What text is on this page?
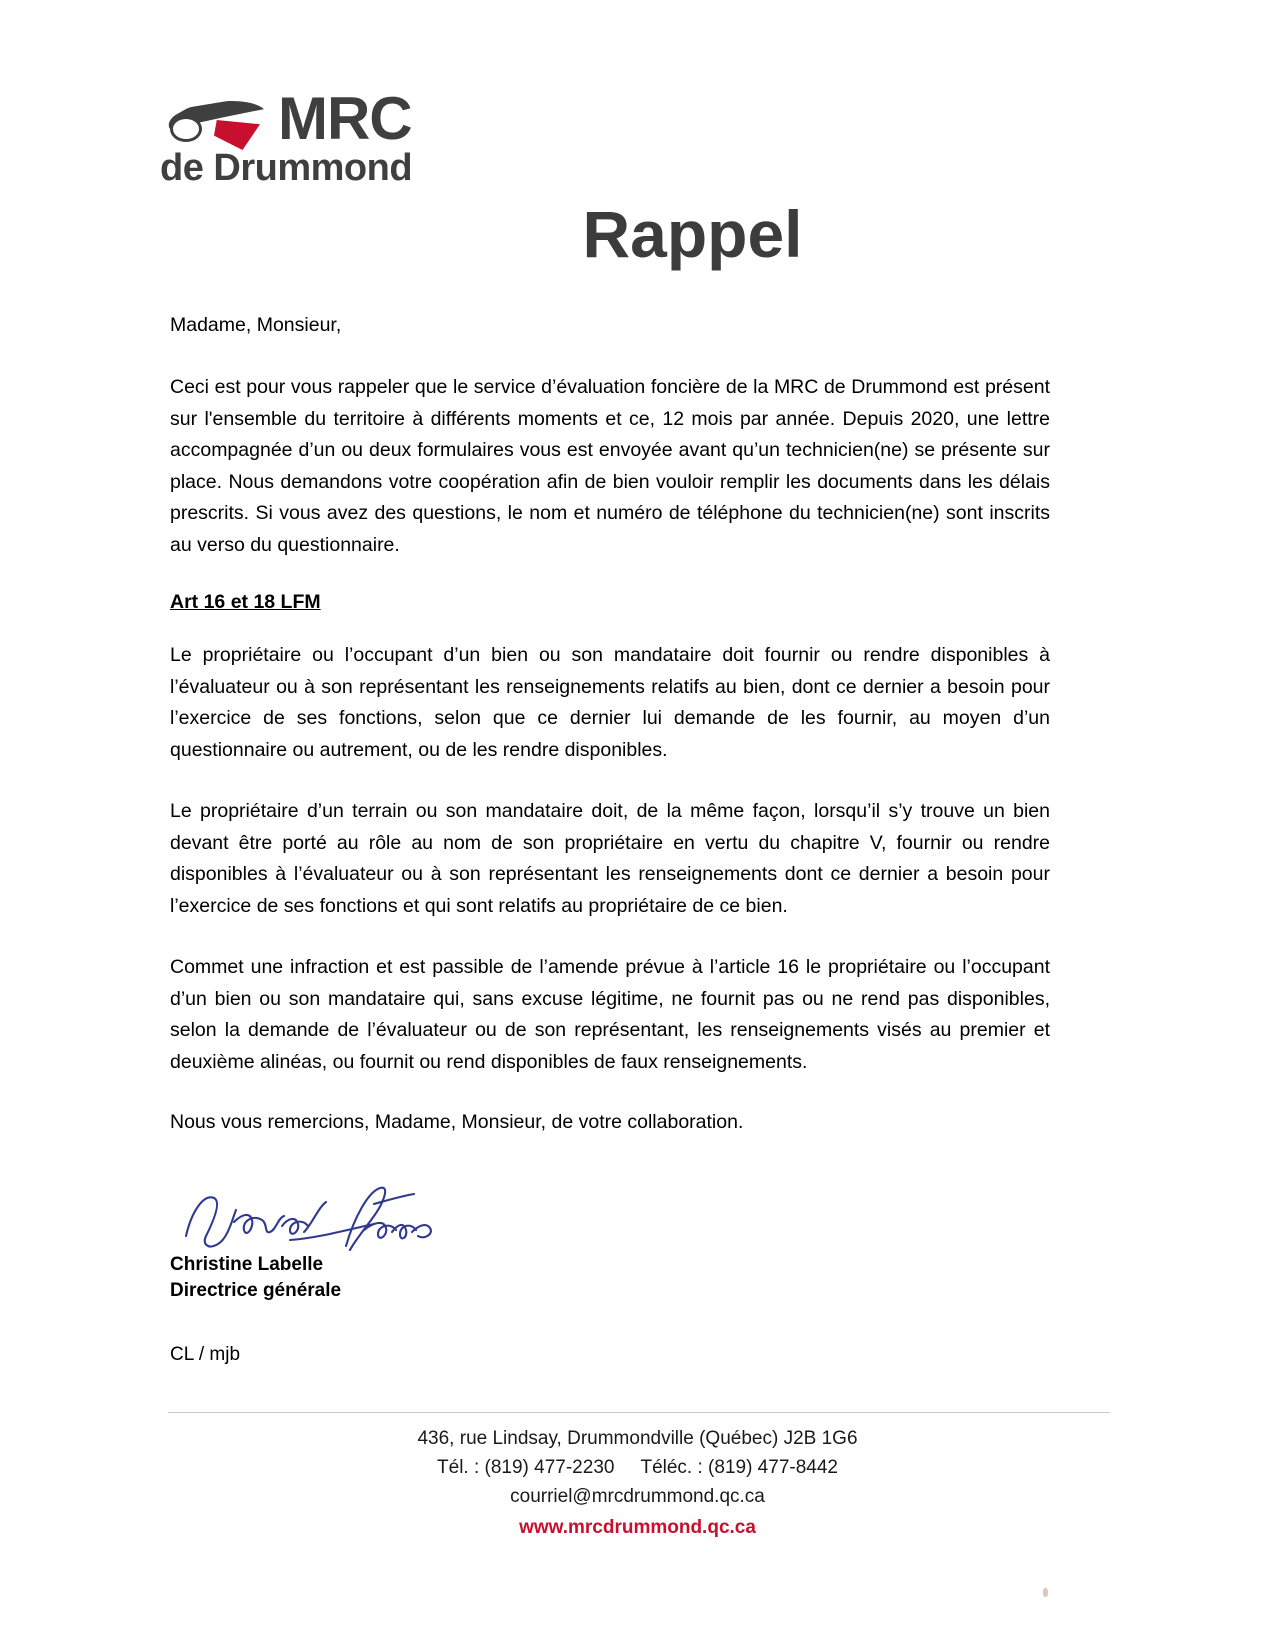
MRC
de Drummond
Rappel
Madame, Monsieur,

Ceci est pour vous rappeler que le service d’évaluation foncière de la MRC de Drummond est présent sur l'ensemble du territoire à différents moments et ce, 12 mois par année. Depuis 2020, une lettre accompagnée d’un ou deux formulaires vous est envoyée avant qu’un technicien(ne) se présente sur place. Nous demandons votre coopération afin de bien vouloir remplir les documents dans les délais prescrits. Si vous avez des questions, le nom et numéro de téléphone du technicien(ne) sont inscrits au verso du questionnaire.

Art 16 et 18 LFM

Le propriétaire ou l’occupant d’un bien ou son mandataire doit fournir ou rendre disponibles à l’évaluateur ou à son représentant les renseignements relatifs au bien, dont ce dernier a besoin pour l’exercice de ses fonctions, selon que ce dernier lui demande de les fournir, au moyen d’un questionnaire ou autrement, ou de les rendre disponibles.

Le propriétaire d’un terrain ou son mandataire doit, de la même façon, lorsqu’il s’y trouve un bien devant être porté au rôle au nom de son propriétaire en vertu du chapitre V, fournir ou rendre disponibles à l’évaluateur ou à son représentant les renseignements dont ce dernier a besoin pour l’exercice de ses fonctions et qui sont relatifs au propriétaire de ce bien.

Commet une infraction et est passible de l’amende prévue à l’article 16 le propriétaire ou l’occupant d’un bien ou son mandataire qui, sans excuse légitime, ne fournit pas ou ne rend pas disponibles, selon la demande de l’évaluateur ou de son représentant, les renseignements visés au premier et deuxième alinéas, ou fournit ou rend disponibles de faux renseignements.

Nous vous remercions, Madame, Monsieur, de votre collaboration.

Christine Labelle
Directrice générale
CL / mjb
436, rue Lindsay, Drummondville (Québec) J2B 1G6
Tél. : (819) 477-2230 Téléc. : (819) 477-8442
courriel@mrcdrummond.qc.ca
www.mrcdrummond.qc.ca
